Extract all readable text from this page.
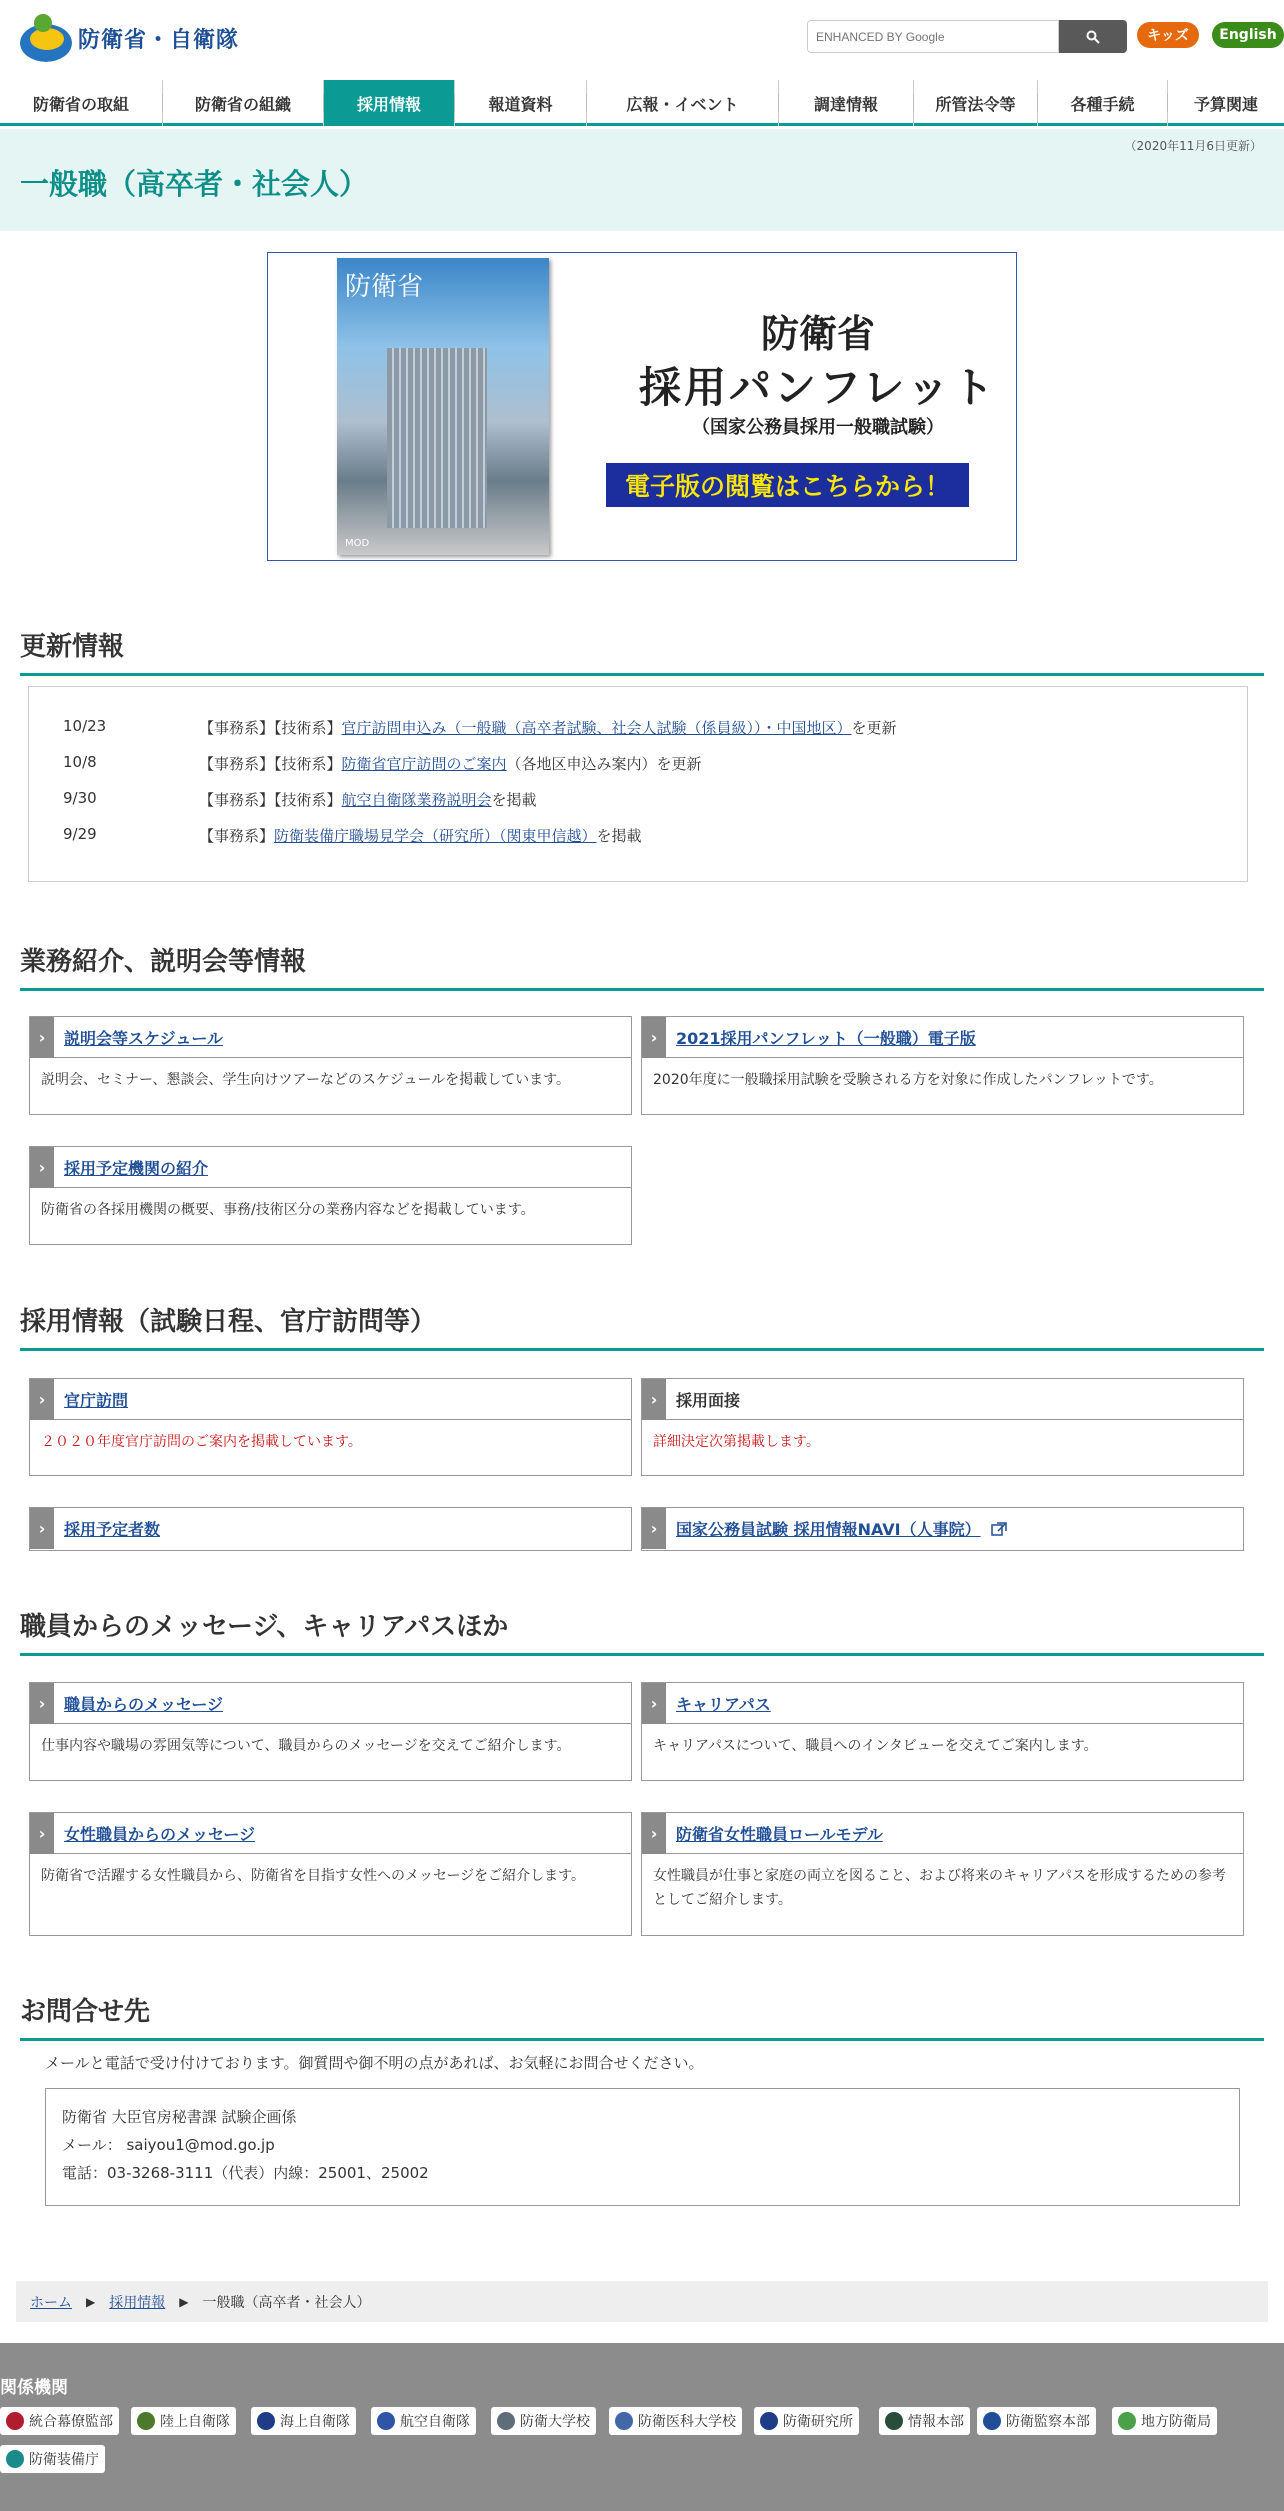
防衛省・自衛隊
ENHANCED BY Google	キッズ	English
防衛省の取組	防衛省の組織	採用情報	報道資料	広報・イベント	調達情報	所管法令等	各種手続	予算関連
（2020年11月6日更新）
一般職（高卒者・社会人）
防衛省
MOD
防衛省
採用パンフレット
（国家公務員採用一般職試験）
電子版の閲覧はこちらから！
更新情報
10/23	【事務系】【技術系】 官庁訪問申込み（一般職（高卒者試験、社会人試験（係員級））・中国地区） を更新
10/8	【事務系】【技術系】 防衛省官庁訪問のご案内 （各地区申込み案内）を更新
9/30	【事務系】【技術系】 航空自衛隊業務説明会 を掲載
9/29	【事務系】 防衛装備庁職場見学会（研究所）（関東甲信越） を掲載
業務紹介、説明会等情報
›	説明会等スケジュール
説明会、セミナー、懇談会、学生向けツアーなどのスケジュールを掲載しています。
›	2021採用パンフレット（一般職）電子版
2020年度に一般職採用試験を受験される方を対象に作成したパンフレットです。
›	採用予定機関の紹介
防衛省の各採用機関の概要、事務/技術区分の業務内容などを掲載しています。
採用情報（試験日程、官庁訪問等）
›	官庁訪問
２０２０年度官庁訪問のご案内を掲載しています。
›	採用面接
詳細決定次第掲載します。
›	採用予定者数	›	国家公務員試験 採用情報NAVI（人事院）
職員からのメッセージ、キャリアパスほか
›	職員からのメッセージ
仕事内容や職場の雰囲気等について、職員からのメッセージを交えてご紹介します。
›	キャリアパス
キャリアパスについて、職員へのインタビューを交えてご案内します。
›	女性職員からのメッセージ
防衛省で活躍する女性職員から、防衛省を目指す女性へのメッセージをご紹介します。
›	防衛省女性職員ロールモデル
女性職員が仕事と家庭の両立を図ること、および将来のキャリアパスを形成するための参考としてご紹介します。
お問合せ先
メールと電話で受け付けております。御質問や御不明の点があれば、お気軽にお問合せください。
防衛省 大臣官房秘書課 試験企画係
メール： saiyou1@mod.go.jp
電話：03-3268-3111（代表）内線：25001、25002
ホーム ▶ 採用情報 ▶ 一般職（高卒者・社会人）
関係機関
統合幕僚監部	陸上自衛隊	海上自衛隊	航空自衛隊	防衛大学校	防衛医科大学校	防衛研究所	情報本部	防衛監察本部	地方防衛局
防衛装備庁
